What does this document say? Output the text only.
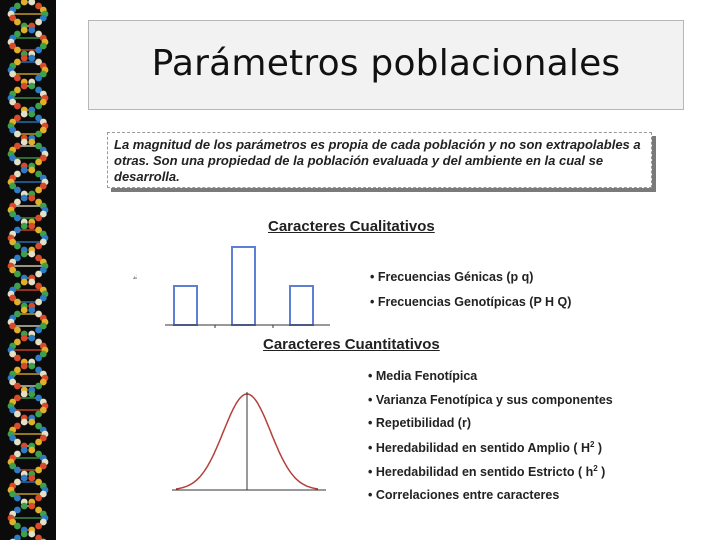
Parámetros poblacionales
La magnitud de los parámetros es propia de cada población y no son extrapolables a otras. Son una propiedad de la población evaluada y del ambiente en la cual se desarrolla.
Caracteres Cualitativos
fr.	• Frecuencias Génicas (p q)
• Frecuencias Genotípicas (P H Q)
Caracteres Cuantitativos
• Media Fenotípica
• Varianza Fenotípica y sus componentes
• Repetibilidad (r)
• Heredabilidad en sentido Amplio ( $H^2$ )
• Heredabilidad en sentido Estricto ( $h^2$ )
• Correlaciones entre caracteres
